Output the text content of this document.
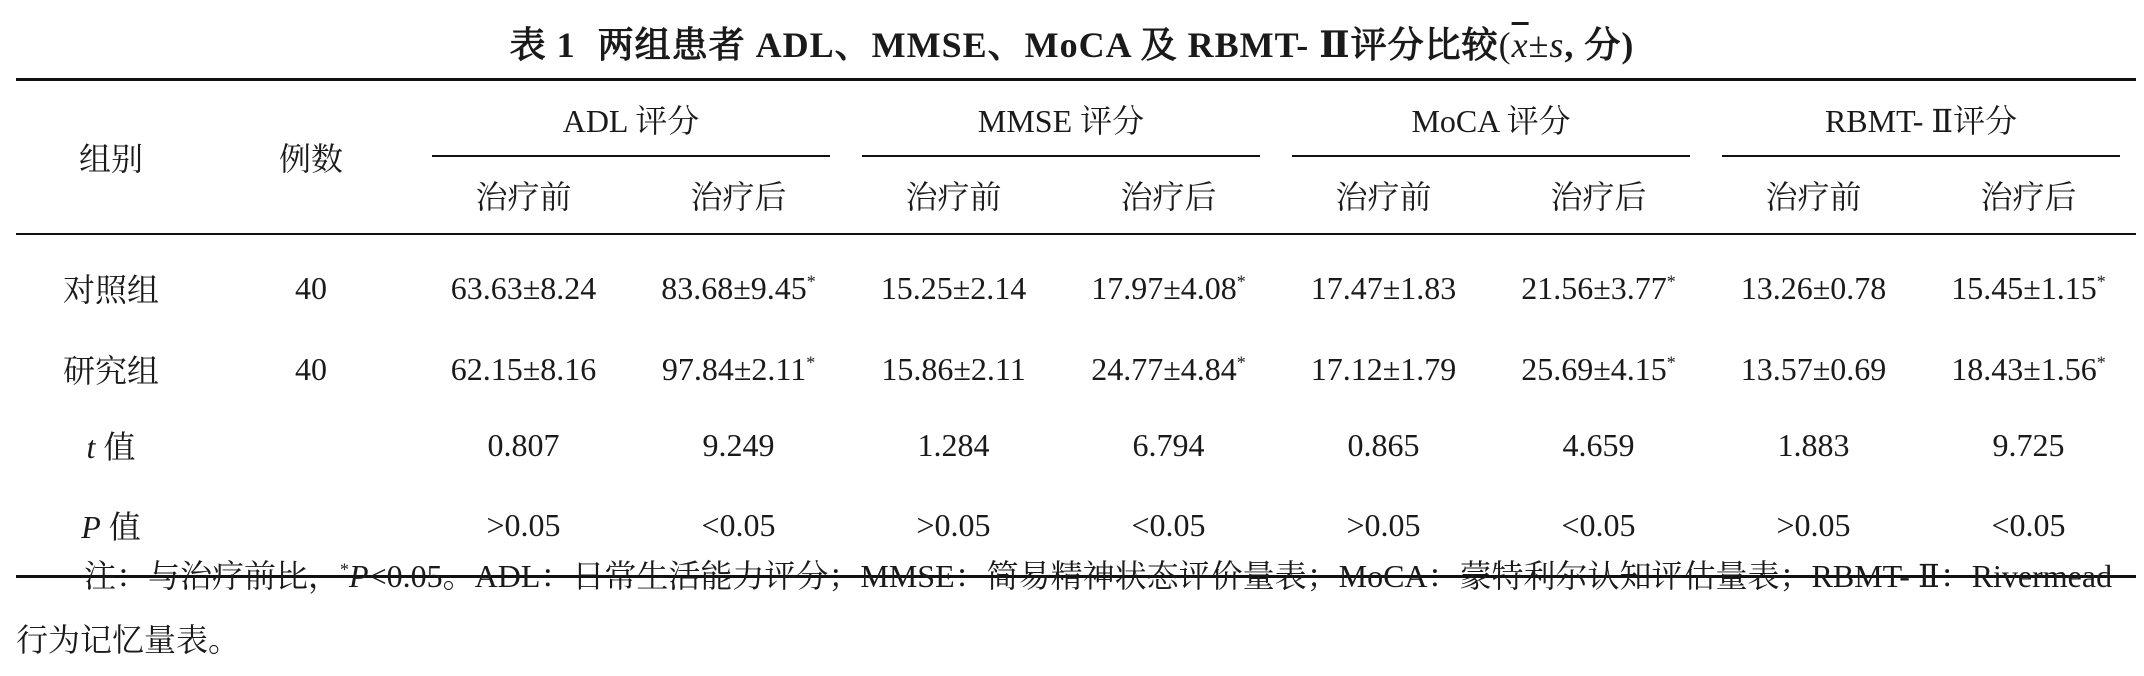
表 1 两组患者 ADL、MMSE、MoCA 及 RBMT- Ⅱ评分比较($\overline{x}\pm s$, 分)
组别	例数	ADL 评分		MMSE 评分		MoCA 评分		RBMT- Ⅱ评分	

		治疗前	治疗后	治疗前	治疗后	治疗前	治疗后	治疗前	治疗后
对照组	40	63.63±8.24	83.68±9.45*	15.25±2.14	17.97±4.08*	17.47±1.83	21.56±3.77*	13.26±0.78	15.45±1.15*
研究组	40	62.15±8.16	97.84±2.11*	15.86±2.11	24.77±4.84*	17.12±1.79	25.69±4.15*	13.57±0.69	18.43±1.56*
t 值		0.807	9.249	1.284	6.794	0.865	4.659	1.883	9.725
P 值		>0.05	<0.05	>0.05	<0.05	>0.05	<0.05	>0.05	<0.05
注：与治疗前比，*P<0.05。ADL：日常生活能力评分；MMSE：简易精神状态评价量表；MoCA：蒙特利尔认知评估量表；RBMT- Ⅱ：Rivermead 行为记忆量表。
